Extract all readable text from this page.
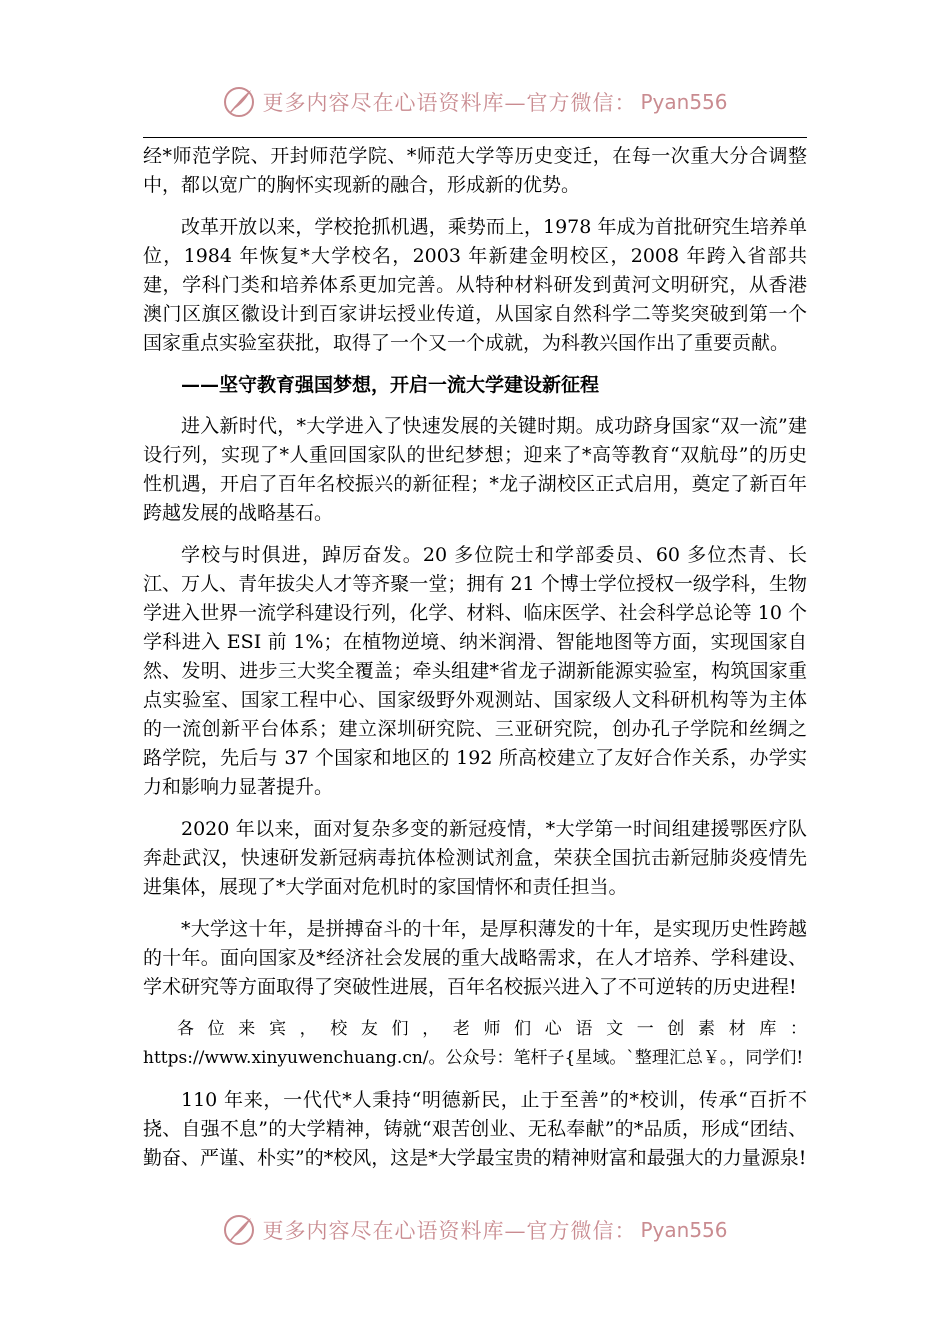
更多内容尽在心语资料库—官方微信： Pyan556

经*师范学院、开封师范学院、*师范大学等历史变迁，在每一次重大分合调整中，都以宽广的胸怀实现新的融合，形成新的优势。

改革开放以来，学校抢抓机遇，乘势而上，1978 年成为首批研究生培养单位，1984 年恢复*大学校名，2003 年新建金明校区，2008 年跨入省部共建，学科门类和培养体系更加完善。从特种材料研发到黄河文明研究，从香港澳门区旗区徽设计到百家讲坛授业传道，从国家自然科学二等奖突破到第一个国家重点实验室获批，取得了一个又一个成就，为科教兴国作出了重要贡献。

——坚守教育强国梦想，开启一流大学建设新征程

进入新时代，*大学进入了快速发展的关键时期。成功跻身国家“双一流”建设行列，实现了*人重回国家队的世纪梦想；迎来了*高等教育“双航母”的历史性机遇，开启了百年名校振兴的新征程；*龙子湖校区正式启用，奠定了新百年跨越发展的战略基石。

学校与时俱进，踔厉奋发。20 多位院士和学部委员、60 多位杰青、长江、万人、青年拔尖人才等齐聚一堂；拥有 21 个博士学位授权一级学科，生物学进入世界一流学科建设行列，化学、材料、临床医学、社会科学总论等 10 个学科进入 ESI 前 1%；在植物逆境、纳米润滑、智能地图等方面，实现国家自然、发明、进步三大奖全覆盖；牵头组建*省龙子湖新能源实验室，构筑国家重点实验室、国家工程中心、国家级野外观测站、国家级人文科研机构等为主体的一流创新平台体系；建立深圳研究院、三亚研究院，创办孔子学院和丝绸之路学院，先后与 37 个国家和地区的 192 所高校建立了友好合作关系，办学实力和影响力显著提升。

2020 年以来，面对复杂多变的新冠疫情，*大学第一时间组建援鄂医疗队奔赴武汉，快速研发新冠病毒抗体检测试剂盒，荣获全国抗击新冠肺炎疫情先进集体，展现了*大学面对危机时的家国情怀和责任担当。

*大学这十年，是拼搏奋斗的十年，是厚积薄发的十年，是实现历史性跨越的十年。面向国家及*经济社会发展的重大战略需求，在人才培养、学科建设、学术研究等方面取得了突破性进展，百年名校振兴进入了不可逆转的历史进程!

各位来宾，校友们，老师们心语文一创素材库：https://www.xinyuwenchuang.cn/。公众号：笔杆子{星域。`整理汇总￥。，同学们!

110 年来，一代代*人秉持“明德新民，止于至善”的*校训，传承“百折不挠、自强不息”的大学精神，铸就“艰苦创业、无私奉献”的*品质，形成“团结、勤奋、严谨、朴实”的*校风，这是*大学最宝贵的精神财富和最强大的力量源泉!

更多内容尽在心语资料库—官方微信： Pyan556
